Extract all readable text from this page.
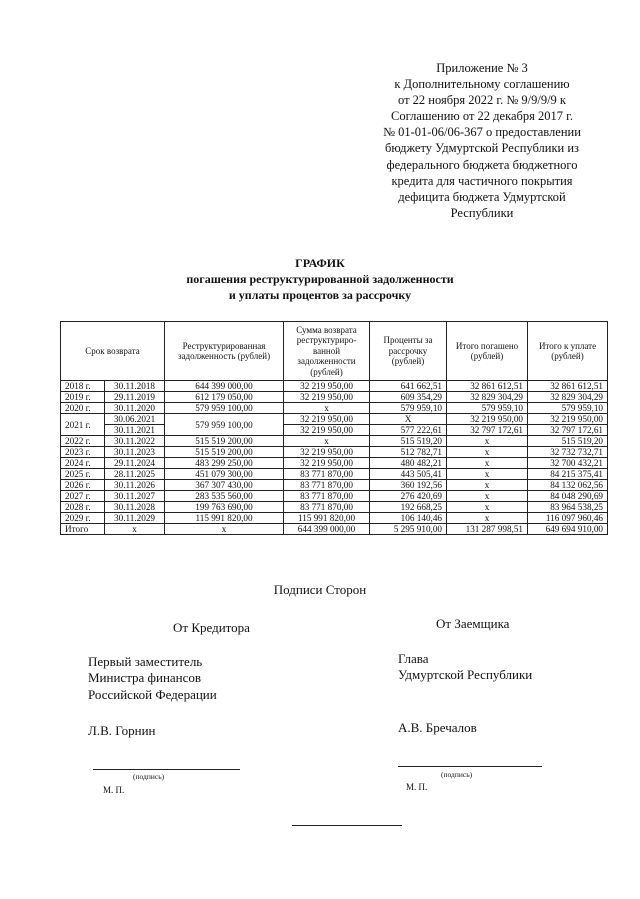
Приложение № 3
к Дополнительному соглашению
от 22 ноября 2022 г. № 9/9/9/9 к
Соглашению от 22 декабря 2017 г.
№ 01-01-06/06-367 о предоставлении
бюджету Удмуртской Республики из
федерального бюджета бюджетного
кредита для частичного покрытия
дефицита бюджета Удмуртской
Республики
ГРАФИК
погашения реструктурированной задолженности
и уплаты процентов за рассрочку
Срок возврата		Реструктурированная задолженность (рублей)	Сумма возврата реструктуриро-ванной задолженности (рублей)	Проценты за рассрочку (рублей)	Итого погашено (рублей)	Итого к уплате (рублей)
2018 г.	30.11.2018	644 399 000,00	32 219 950,00	641 662,51	32 861 612,51	32 861 612,51
2019 г.	29.11.2019	612 179 050,00	32 219 950,00	609 354,29	32 829 304,29	32 829 304,29
2020 г.	30.11.2020	579 959 100,00	х	579 959,10	579 959,10	579 959,10
2021 г.	30.06.2021	579 959 100,00	32 219 950,00	Х	32 219 950,00	32 219 950,00
	30.11.2021		32 219 950,00	577 222,61	32 797 172,61	32 797 172,61
2022 г.	30.11.2022	515 519 200,00	х	515 519,20	х	515 519,20
2023 г.	30.11.2023	515 519 200,00	32 219 950,00	512 782,71	х	32 732 732,71
2024 г.	29.11.2024	483 299 250,00	32 219 950,00	480 482,21	х	32 700 432,21
2025 г.	28.11.2025	451 079 300,00	83 771 870,00	443 505,41	х	84 215 375,41
2026 г.	30.11.2026	367 307 430,00	83 771 870,00	360 192,56	х	84 132 062,56
2027 г.	30.11.2027	283 535 560,00	83 771 870,00	276 420,69	х	84 048 290,69
2028 г.	30.11.2028	199 763 690,00	83 771 870,00	192 668,25	х	83 964 538,25
2029 г.	30.11.2029	115 991 820,00	115 991 820,00	106 140,46	х	116 097 960,46
Итого	х	х	644 399 000,00	5 295 910,00	131 287 998,51	649 694 910,00
Подписи Сторон
От Кредитора	От Заемщика
Первый заместитель
Министра финансов
Российской Федерации
Глава
Удмуртской Республики
Л.В. Горнин	А.В. Бречалов
(подпись)
М. П.
(подпись)
М. П.
